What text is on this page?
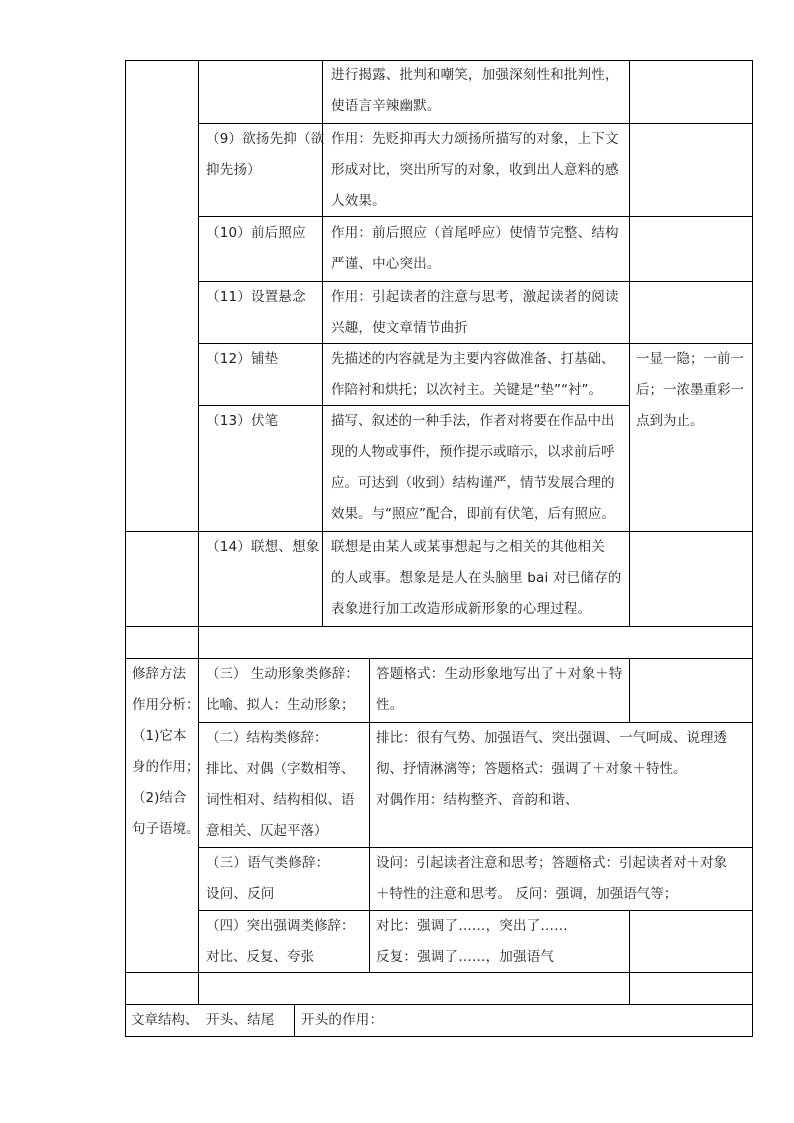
进行揭露、批判和嘲笑，加强深刻性和批判性，
使语言辛辣幽默。
（9）欲扬先抑（欲
抑先扬）
作用：先贬抑再大力颂扬所描写的对象，上下文
形成对比，突出所写的对象，收到出人意料的感
人效果。
（10）前后照应 作用：前后照应（首尾呼应）使情节完整、结构
严谨、中心突出。
（11）设置悬念 作用：引起读者的注意与思考，激起读者的阅读
兴趣，使文章情节曲折
（12）铺垫	先描述的内容就是为主要内容做准备、打基础、
作陪衬和烘托；以次衬主。关键是“垫”“衬”。
一显一隐；一前一
后；一浓墨重彩一
点到为止。
（13）伏笔	描写、叙述的一种手法，作者对将要在作品中出
现的人物或事件，预作提示或暗示，以求前后呼
应。可达到（收到）结构谨严，情节发展合理的
效果。与“照应”配合，即前有伏笔，后有照应。
（14）联想、想象 联想是由某人或某事想起与之相关的其他相关
的人或事。想象是是人在头脑里 bai 对已储存的
表象进行加工改造形成新形象的心理过程。
修辞方法
作用分析：
（1)它本
身的作用；
（2)结合
句子语境。
（三） 生动形象类修辞：
比喻、拟人：生动形象；
答题格式：生动形象地写出了＋对象＋特
性。
（二）结构类修辞：
排比、对偶（字数相等、
词性相对、结构相似、语
意相关、仄起平落）
排比：很有气势、加强语气、突出强调、一气呵成、说理透
彻、抒情淋漓等；答题格式：强调了＋对象＋特性。
对偶作用：结构整齐、音韵和谐、
（三）语气类修辞：
设问、反问
设问：引起读者注意和思考；答题格式：引起读者对＋对象
＋特性的注意和思考。 反问：强调，加强语气等；
（四）突出强调类修辞：
对比、反复、夸张
对比：强调了……，突出了……
反复：强调了……，加强语气
文章结构、 开头、结尾 开头的作用：
